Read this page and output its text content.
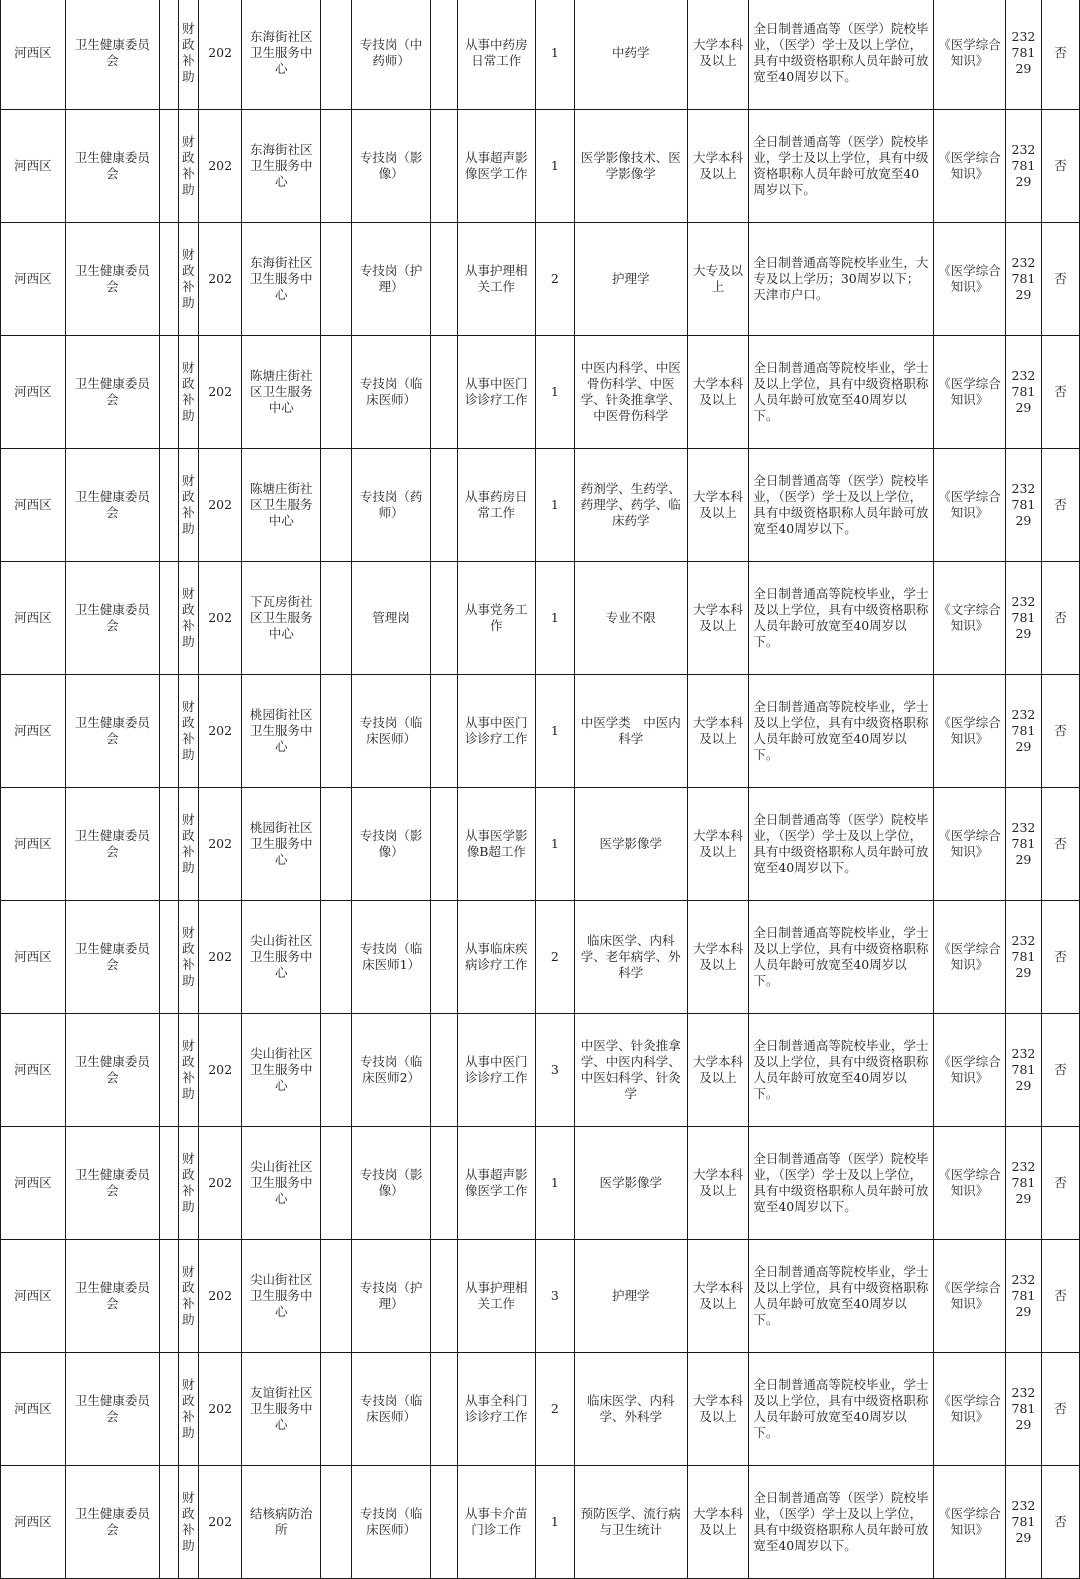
河西区	卫生健康委员会		财政补助	202	东海街社区卫生服务中心		专技岗（中药师）		从事中药房日常工作	1	中药学	大学本科及以上	全日制普通高等（医学）院校毕业，（医学）学士及以上学位，具有中级资格职称人员年龄可放宽至40周岁以下。	《医学综合知识》	23278129	否
河西区	卫生健康委员会		财政补助	202	东海街社区卫生服务中心		专技岗（影像）		从事超声影像医学工作	1	医学影像技术、医学影像学	大学本科及以上	全日制普通高等（医学）院校毕业，学士及以上学位，具有中级资格职称人员年龄可放宽至40周岁以下。	《医学综合知识》	23278129	否
河西区	卫生健康委员会		财政补助	202	东海街社区卫生服务中心		专技岗（护理）		从事护理相关工作	2	护理学	大专及以上	全日制普通高等院校毕业生，大专及以上学历；30周岁以下；天津市户口。	《医学综合知识》	23278129	否
河西区	卫生健康委员会		财政补助	202	陈塘庄街社区卫生服务中心		专技岗（临床医师）		从事中医门诊诊疗工作	1	中医内科学、中医骨伤科学、中医学、针灸推拿学、中医骨伤科学	大学本科及以上	全日制普通高等院校毕业，学士及以上学位，具有中级资格职称人员年龄可放宽至40周岁以下。	《医学综合知识》	23278129	否
河西区	卫生健康委员会		财政补助	202	陈塘庄街社区卫生服务中心		专技岗（药师）		从事药房日常工作	1	药剂学、生药学、药理学、药学、临床药学	大学本科及以上	全日制普通高等（医学）院校毕业，（医学）学士及以上学位，具有中级资格职称人员年龄可放宽至40周岁以下。	《医学综合知识》	23278129	否
河西区	卫生健康委员会		财政补助	202	下瓦房街社区卫生服务中心		管理岗		从事党务工作	1	专业不限	大学本科及以上	全日制普通高等院校毕业，学士及以上学位，具有中级资格职称人员年龄可放宽至40周岁以下。	《文字综合知识》	23278129	否
河西区	卫生健康委员会		财政补助	202	桃园街社区卫生服务中心		专技岗（临床医师）		从事中医门诊诊疗工作	1	中医学类　中医内科学	大学本科及以上	全日制普通高等院校毕业，学士及以上学位，具有中级资格职称人员年龄可放宽至40周岁以下。	《医学综合知识》	23278129	否
河西区	卫生健康委员会		财政补助	202	桃园街社区卫生服务中心		专技岗（影像）		从事医学影像B超工作	1	医学影像学	大学本科及以上	全日制普通高等（医学）院校毕业，（医学）学士及以上学位，具有中级资格职称人员年龄可放宽至40周岁以下。	《医学综合知识》	23278129	否
河西区	卫生健康委员会		财政补助	202	尖山街社区卫生服务中心		专技岗（临床医师1）		从事临床疾病诊疗工作	2	临床医学、内科学、老年病学、外科学	大学本科及以上	全日制普通高等院校毕业，学士及以上学位，具有中级资格职称人员年龄可放宽至40周岁以下。	《医学综合知识》	23278129	否
河西区	卫生健康委员会		财政补助	202	尖山街社区卫生服务中心		专技岗（临床医师2）		从事中医门诊诊疗工作	3	中医学、针灸推拿学、中医内科学、中医妇科学、针灸学	大学本科及以上	全日制普通高等院校毕业，学士及以上学位，具有中级资格职称人员年龄可放宽至40周岁以下。	《医学综合知识》	23278129	否
河西区	卫生健康委员会		财政补助	202	尖山街社区卫生服务中心		专技岗（影像）		从事超声影像医学工作	1	医学影像学	大学本科及以上	全日制普通高等（医学）院校毕业，（医学）学士及以上学位，具有中级资格职称人员年龄可放宽至40周岁以下。	《医学综合知识》	23278129	否
河西区	卫生健康委员会		财政补助	202	尖山街社区卫生服务中心		专技岗（护理）		从事护理相关工作	3	护理学	大学本科及以上	全日制普通高等院校毕业，学士及以上学位，具有中级资格职称人员年龄可放宽至40周岁以下。	《医学综合知识》	23278129	否
河西区	卫生健康委员会		财政补助	202	友谊街社区卫生服务中心		专技岗（临床医师）		从事全科门诊诊疗工作	2	临床医学、内科学、外科学	大学本科及以上	全日制普通高等院校毕业，学士及以上学位，具有中级资格职称人员年龄可放宽至40周岁以下。	《医学综合知识》	23278129	否
河西区	卫生健康委员会		财政补助	202	结核病防治所		专技岗（临床医师）		从事卡介苗门诊工作	1	预防医学、流行病与卫生统计	大学本科及以上	全日制普通高等（医学）院校毕业，（医学）学士及以上学位，具有中级资格职称人员年龄可放宽至40周岁以下。	《医学综合知识》	23278129	否
